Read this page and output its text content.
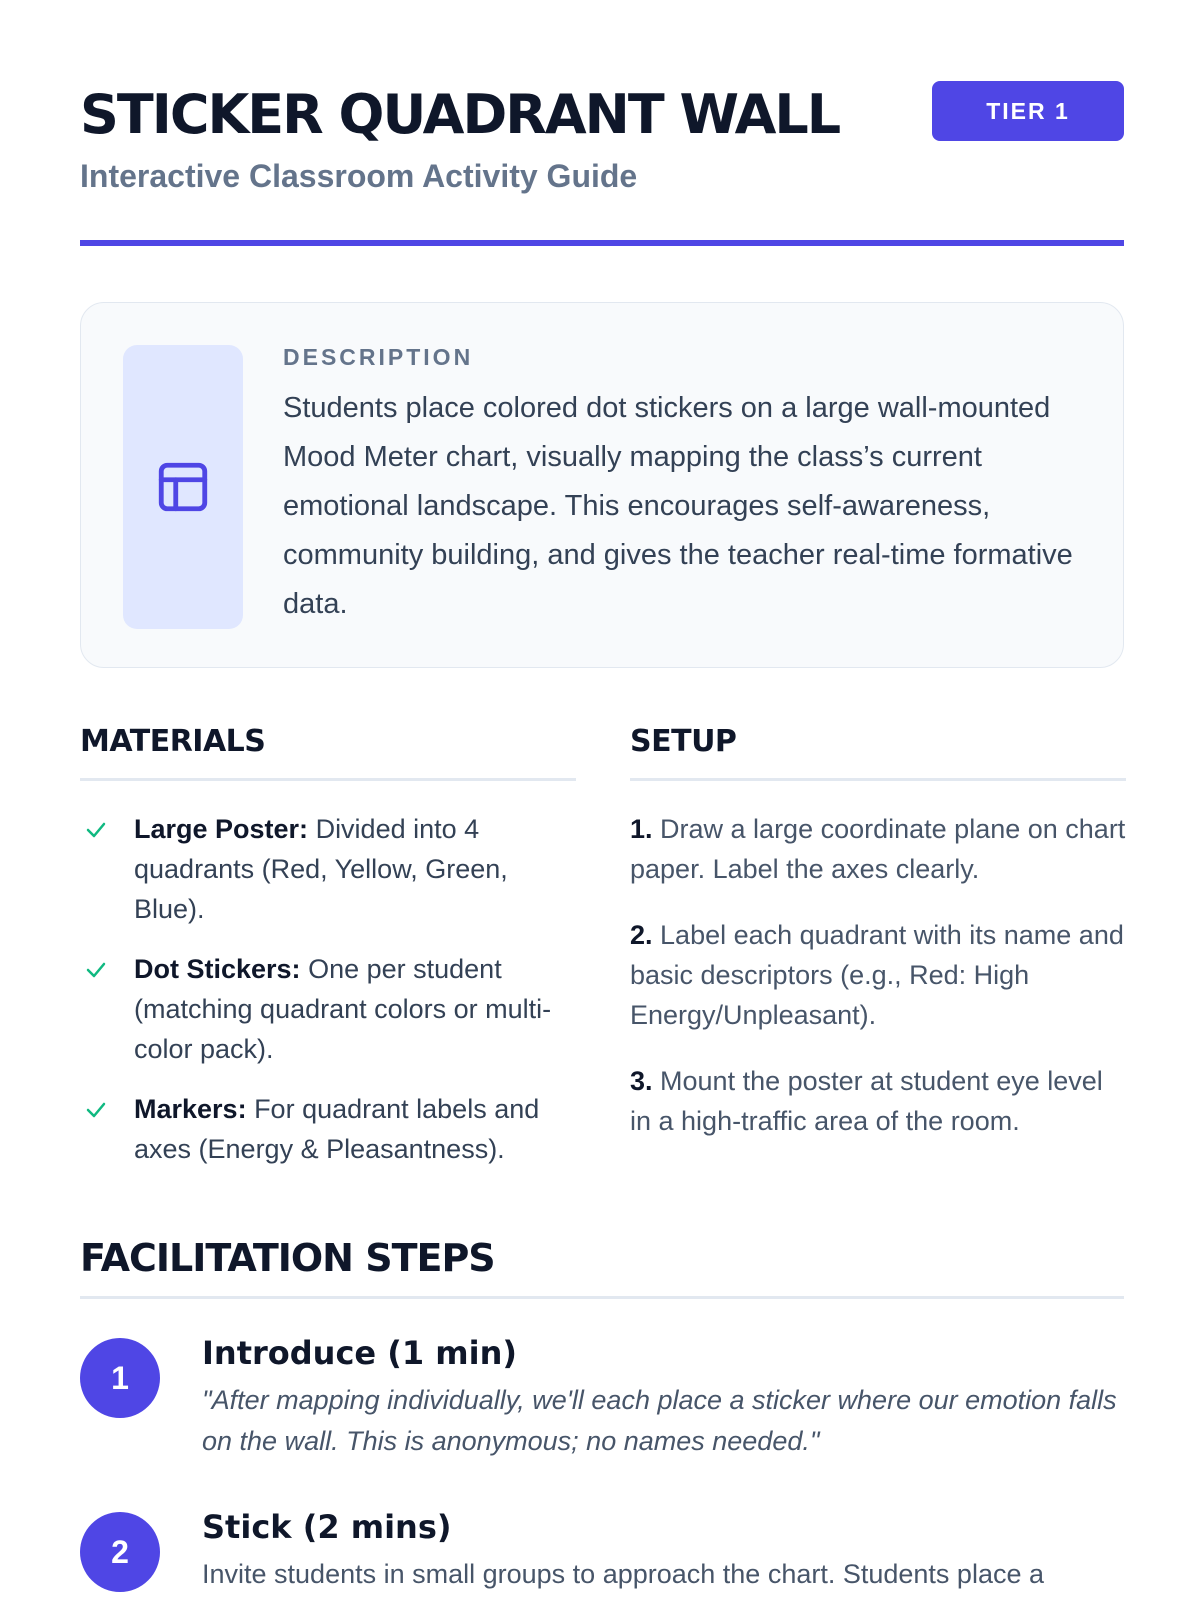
STICKER QUADRANT WALL	TIER 1 SEL

Interactive Classroom Activity Guide

DESCRIPTION

Students place colored dot stickers on a large wall-mounted Mood Meter chart, visually mapping the class’s current emotional landscape. This encourages self-awareness, community building, and gives the teacher real-time formative data.

MATERIALS
Large Poster: Divided into 4 quadrants (Red, Yellow, Green, Blue).
Dot Stickers: One per student (matching quadrant colors or multi-color pack).
Markers: For quadrant labels and axes (Energy & Pleasantness).
SETUP
1. Draw a large coordinate plane on chart paper. Label the axes clearly.
2. Label each quadrant with its name and basic descriptors (e.g., Red: High Energy/Unpleasant).
3. Mount the poster at student eye level in a high-traffic area of the room.
FACILITATION STEPS
1
Introduce (1 min)

"After mapping individually, we'll each place a sticker where our emotion falls on the wall. This is anonymous; no names needed."

2
Stick (2 mins)

Invite students in small groups to approach the chart. Students place a
